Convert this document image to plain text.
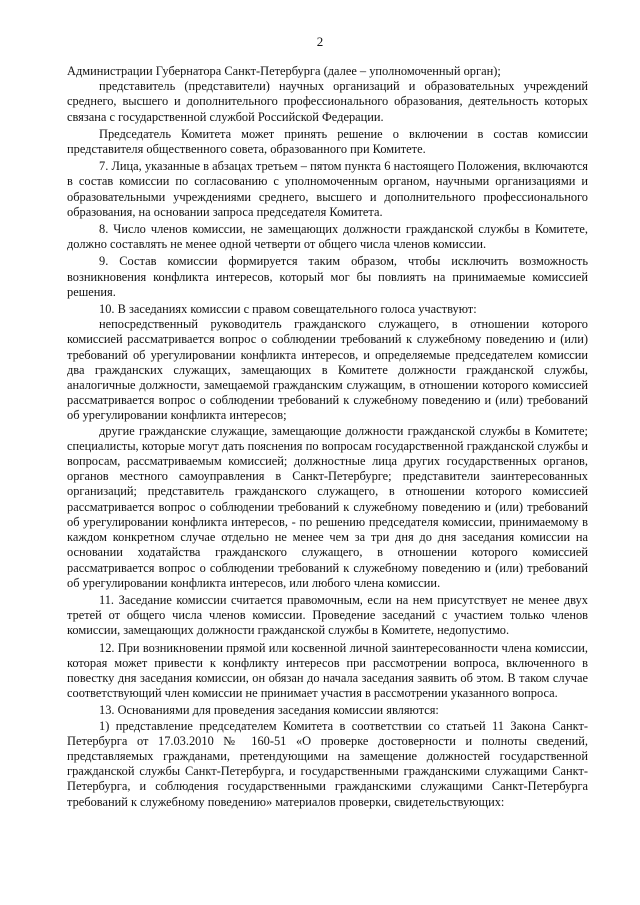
2

Администрации Губернатора Санкт-Петербурга (далее – уполномоченный орган);

представитель (представители) научных организаций и образовательных учреждений среднего, высшего и дополнительного профессионального образования, деятельность которых связана с государственной службой Российской Федерации.

Председатель Комитета может принять решение о включении в состав комиссии представителя общественного совета, образованного при Комитете.

7. Лица, указанные в абзацах третьем – пятом пункта 6 настоящего Положения, включаются в состав комиссии по согласованию с уполномоченным органом, научными организациями и образовательными учреждениями среднего, высшего и дополнительного профессионального образования, на основании запроса председателя Комитета.

8. Число членов комиссии, не замещающих должности гражданской службы в Комитете, должно составлять не менее одной четверти от общего числа членов комиссии.

9. Состав комиссии формируется таким образом, чтобы исключить возможность возникновения конфликта интересов, который мог бы повлиять на принимаемые комиссией решения.

10. В заседаниях комиссии с правом совещательного голоса участвуют:

непосредственный руководитель гражданского служащего, в отношении которого комиссией рассматривается вопрос о соблюдении требований к служебному поведению и (или) требований об урегулировании конфликта интересов, и определяемые председателем комиссии два гражданских служащих, замещающих в Комитете должности гражданской службы, аналогичные должности, замещаемой гражданским служащим, в отношении которого комиссией рассматривается вопрос о соблюдении требований к служебному поведению и (или) требований об урегулировании конфликта интересов;

другие гражданские служащие, замещающие должности гражданской службы в Комитете; специалисты, которые могут дать пояснения по вопросам государственной гражданской службы и вопросам, рассматриваемым комиссией; должностные лица других государственных органов, органов местного самоуправления в Санкт-Петербурге; представители заинтересованных организаций; представитель гражданского служащего, в отношении которого комиссией рассматривается вопрос о соблюдении требований к служебному поведению и (или) требований об урегулировании конфликта интересов, - по решению председателя комиссии, принимаемому в каждом конкретном случае отдельно не менее чем за три дня до дня заседания комиссии на основании ходатайства гражданского служащего, в отношении которого комиссией рассматривается вопрос о соблюдении требований к служебному поведению и (или) требований об урегулировании конфликта интересов, или любого члена комиссии.

11. Заседание комиссии считается правомочным, если на нем присутствует не менее двух третей от общего числа членов комиссии. Проведение заседаний с участием только членов комиссии, замещающих должности гражданской службы в Комитете, недопустимо.

12. При возникновении прямой или косвенной личной заинтересованности члена комиссии, которая может привести к конфликту интересов при рассмотрении вопроса, включенного в повестку дня заседания комиссии, он обязан до начала заседания заявить об этом. В таком случае соответствующий член комиссии не принимает участия в рассмотрении указанного вопроса.

13. Основаниями для проведения заседания комиссии являются:

1) представление председателем Комитета в соответствии со статьей 11 Закона Санкт-Петербурга от 17.03.2010 № 160-51 «О проверке достоверности и полноты сведений, представляемых гражданами, претендующими на замещение должностей государственной гражданской службы Санкт-Петербурга, и государственными гражданскими служащими Санкт-Петербурга, и соблюдения государственными гражданскими служащими Санкт-Петербурга требований к служебному поведению» материалов проверки, свидетельствующих:
